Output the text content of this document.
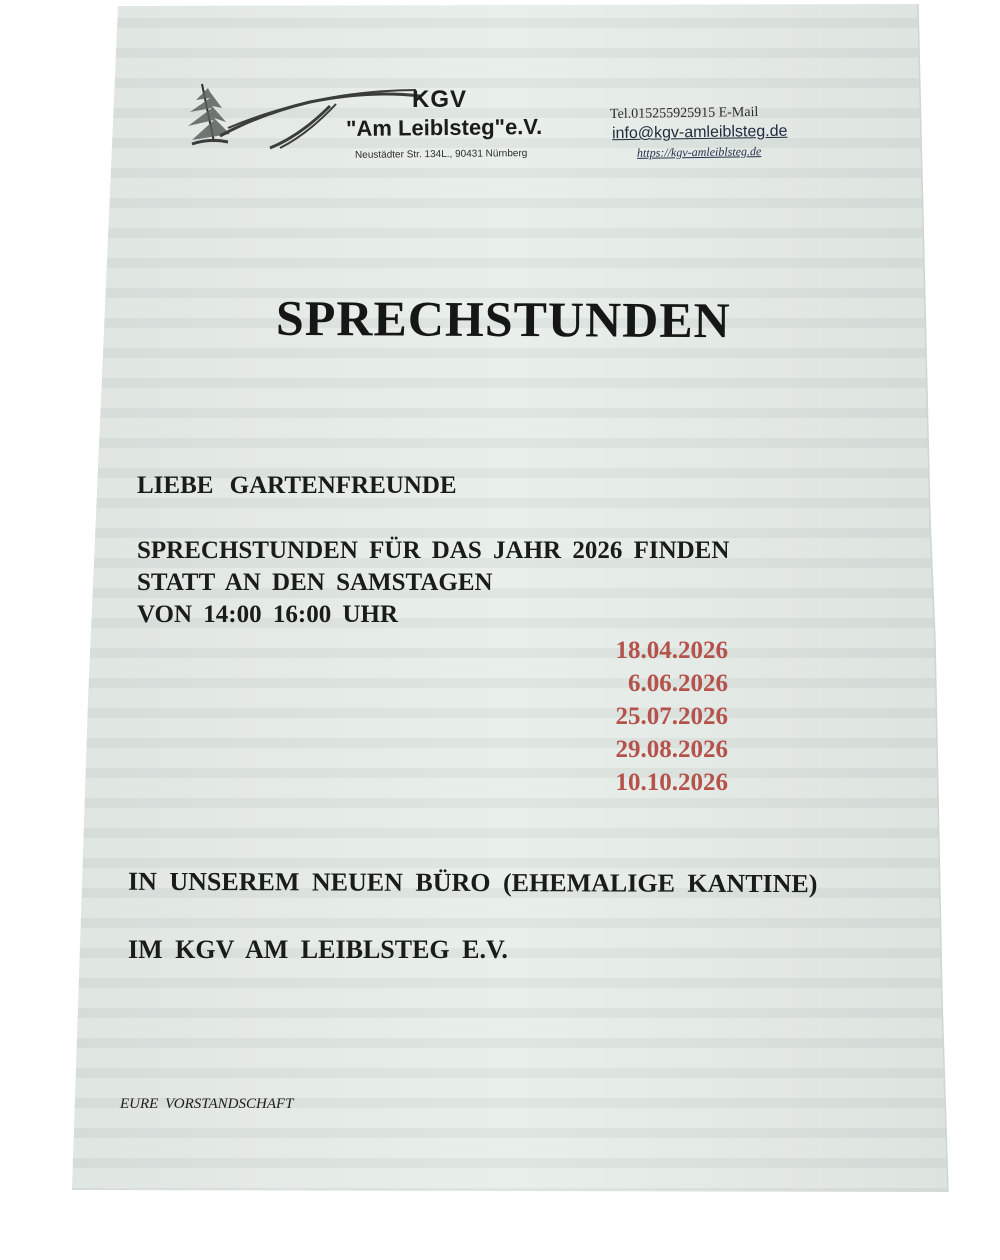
KGV
"Am Leiblsteg"e.V.
Neustädter Str. 134L., 90431 Nürnberg
Tel.015255925915 E-Mail
info@kgv-amleiblsteg.de
https://kgv-amleiblsteg.de
SPRECHSTUNDEN
LIEBE GARTENFREUNDE
SPRECHSTUNDEN FÜR DAS JAHR 2026 FINDEN
STATT AN DEN SAMSTAGEN
VON 14:00 16:00 UHR
18.04.2026
6.06.2026
25.07.2026
29.08.2026
10.10.2026
IN UNSEREM NEUEN BÜRO (EHEMALIGE KANTINE)
IM KGV AM LEIBLSTEG E.V.
EURE VORSTANDSCHAFT
